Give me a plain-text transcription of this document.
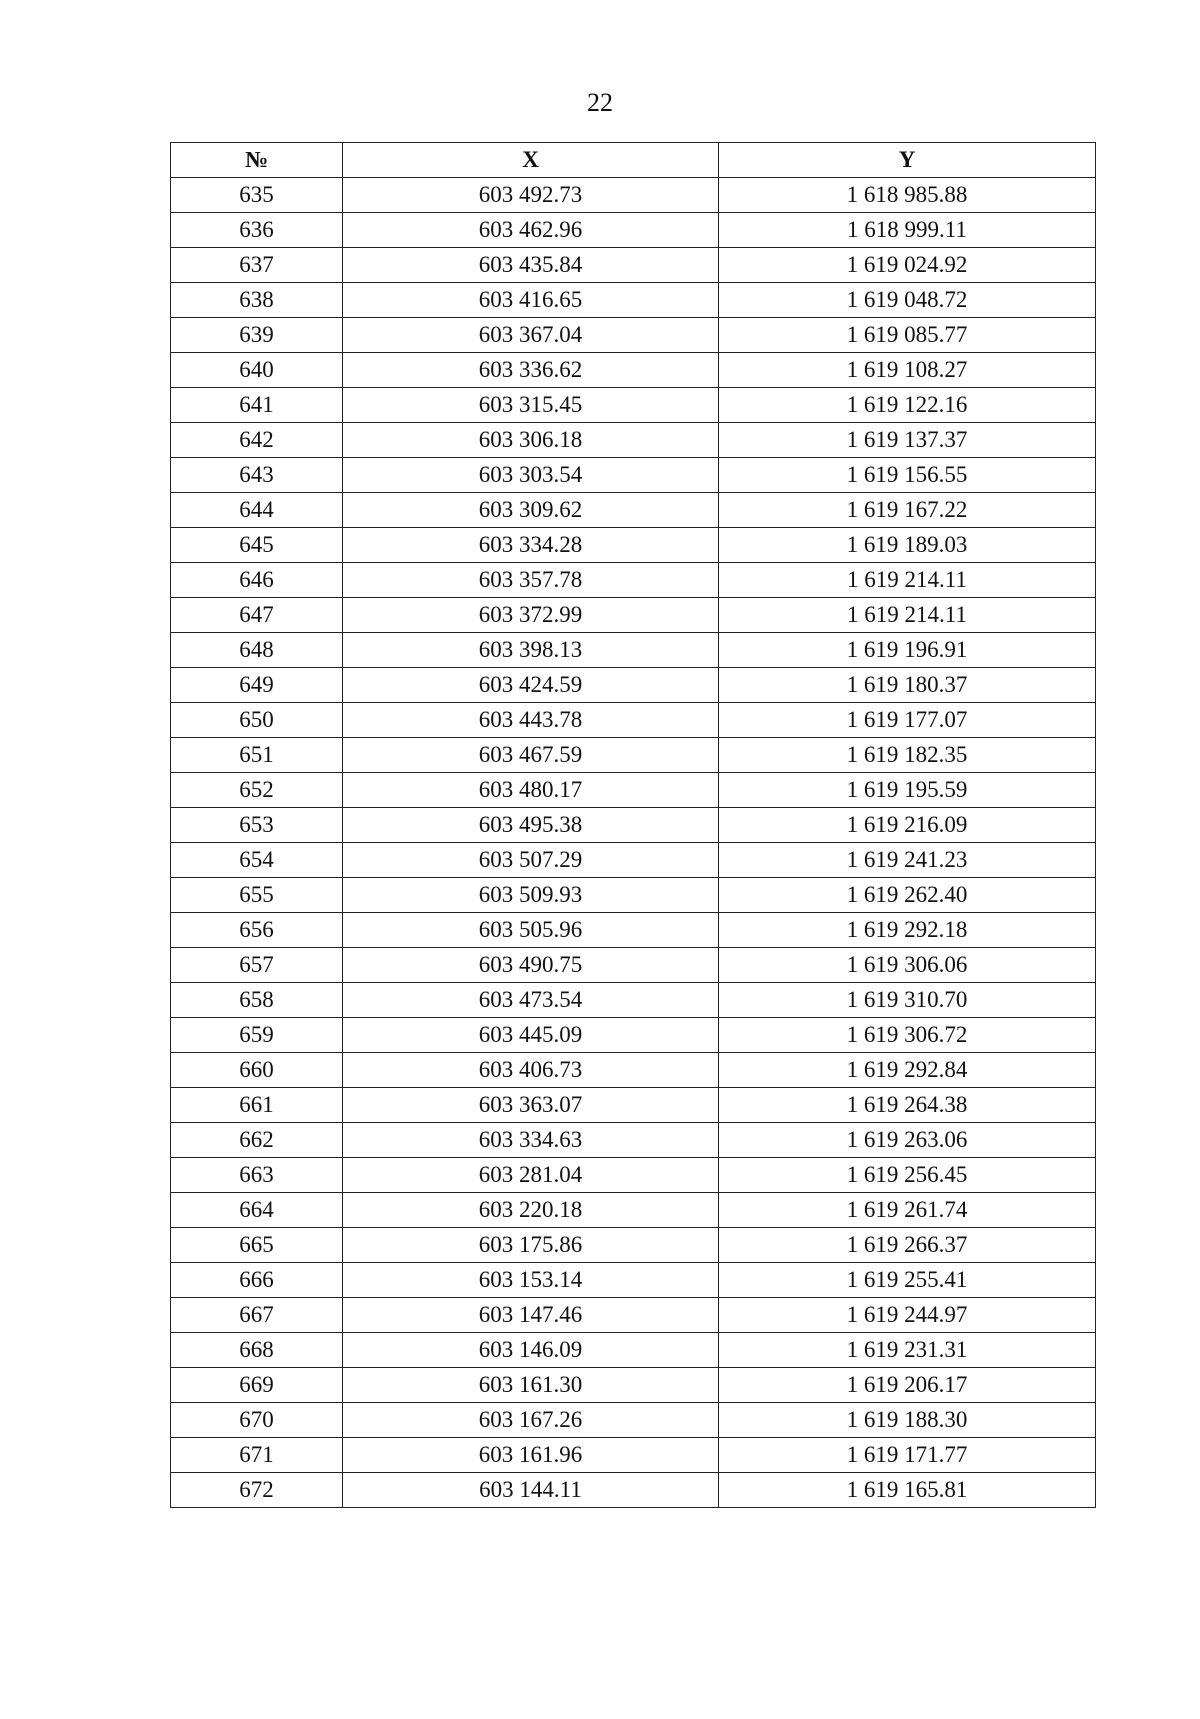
22
№	X	Y
635	603 492.73	1 618 985.88
636	603 462.96	1 618 999.11
637	603 435.84	1 619 024.92
638	603 416.65	1 619 048.72
639	603 367.04	1 619 085.77
640	603 336.62	1 619 108.27
641	603 315.45	1 619 122.16
642	603 306.18	1 619 137.37
643	603 303.54	1 619 156.55
644	603 309.62	1 619 167.22
645	603 334.28	1 619 189.03
646	603 357.78	1 619 214.11
647	603 372.99	1 619 214.11
648	603 398.13	1 619 196.91
649	603 424.59	1 619 180.37
650	603 443.78	1 619 177.07
651	603 467.59	1 619 182.35
652	603 480.17	1 619 195.59
653	603 495.38	1 619 216.09
654	603 507.29	1 619 241.23
655	603 509.93	1 619 262.40
656	603 505.96	1 619 292.18
657	603 490.75	1 619 306.06
658	603 473.54	1 619 310.70
659	603 445.09	1 619 306.72
660	603 406.73	1 619 292.84
661	603 363.07	1 619 264.38
662	603 334.63	1 619 263.06
663	603 281.04	1 619 256.45
664	603 220.18	1 619 261.74
665	603 175.86	1 619 266.37
666	603 153.14	1 619 255.41
667	603 147.46	1 619 244.97
668	603 146.09	1 619 231.31
669	603 161.30	1 619 206.17
670	603 167.26	1 619 188.30
671	603 161.96	1 619 171.77
672	603 144.11	1 619 165.81
